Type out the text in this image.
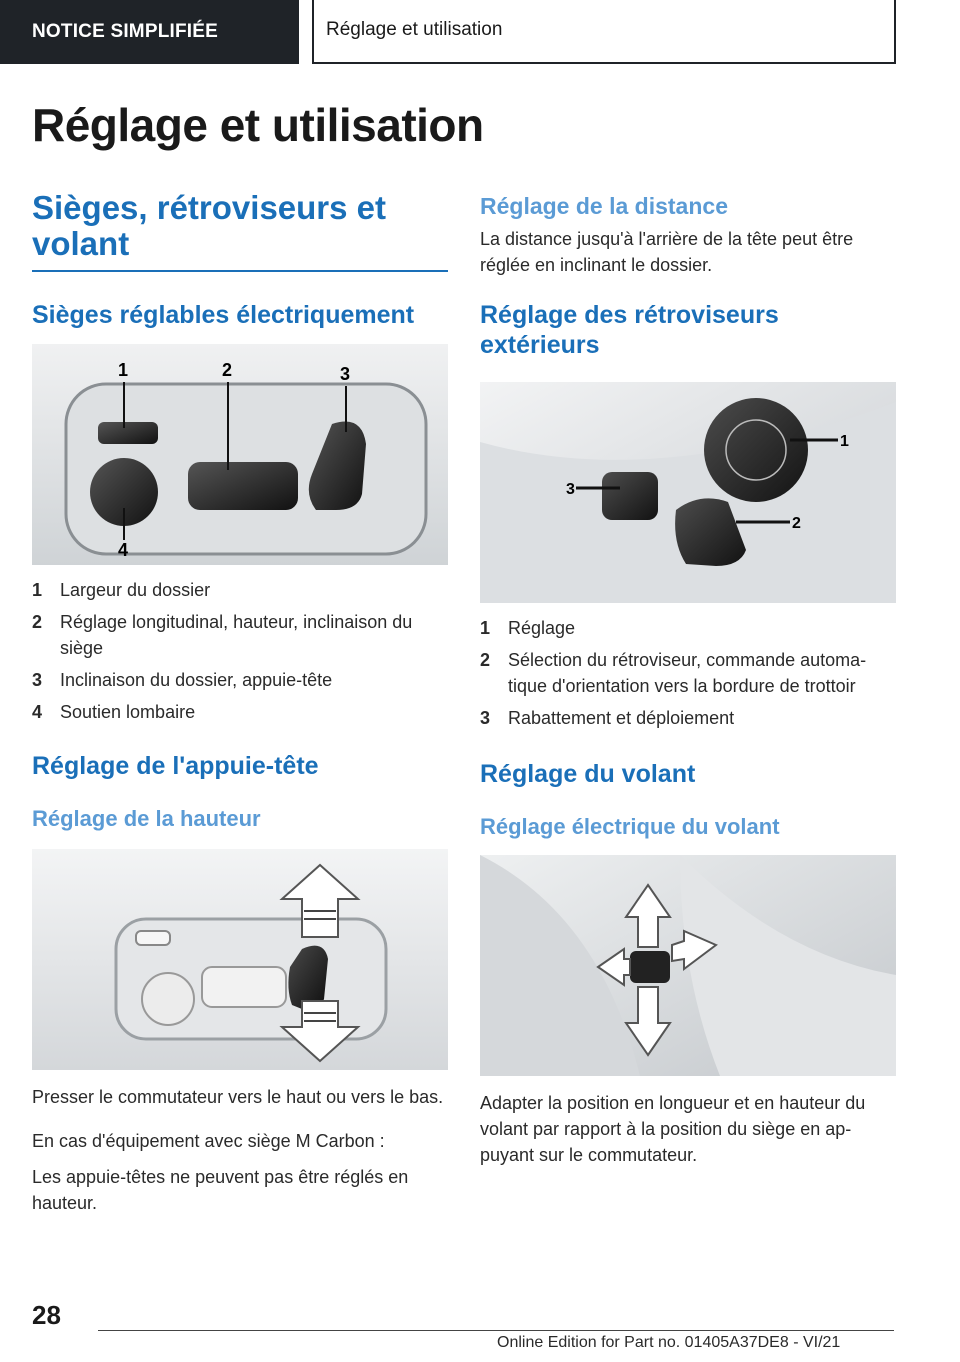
NOTICE SIMPLIFIÉE	Réglage et utilisation
Réglage et utilisation
Sièges, rétroviseurs et volant
Sièges réglables électriquement
1	2	3
4
1 Largeur du dossier
2 Réglage longitudinal, hauteur, inclinaison du siège
3 Inclinaison du dossier, appuie-tête
4 Soutien lombaire
Réglage de l'appuie-tête
Réglage de la hauteur

Presser le commutateur vers le haut ou vers le bas.

En cas d'équipement avec siège M Carbon :

Les appuie-têtes ne peuvent pas être réglés en hauteur.

Réglage de la distance

La distance jusqu'à l'arrière de la tête peut être réglée en inclinant le dossier.

Réglage des rétroviseurs extérieurs
1
2
3
1 Réglage
2 Sélection du rétroviseur, commande automa-tique d'orientation vers la bordure de trottoir
3 Rabattement et déploiement
Réglage du volant
Réglage électrique du volant

Adapter la position en longueur et en hauteur du volant par rapport à la position du siège en ap-puyant sur le commutateur.

28
Online Edition for Part no. 01405A37DE8 - VI/21
